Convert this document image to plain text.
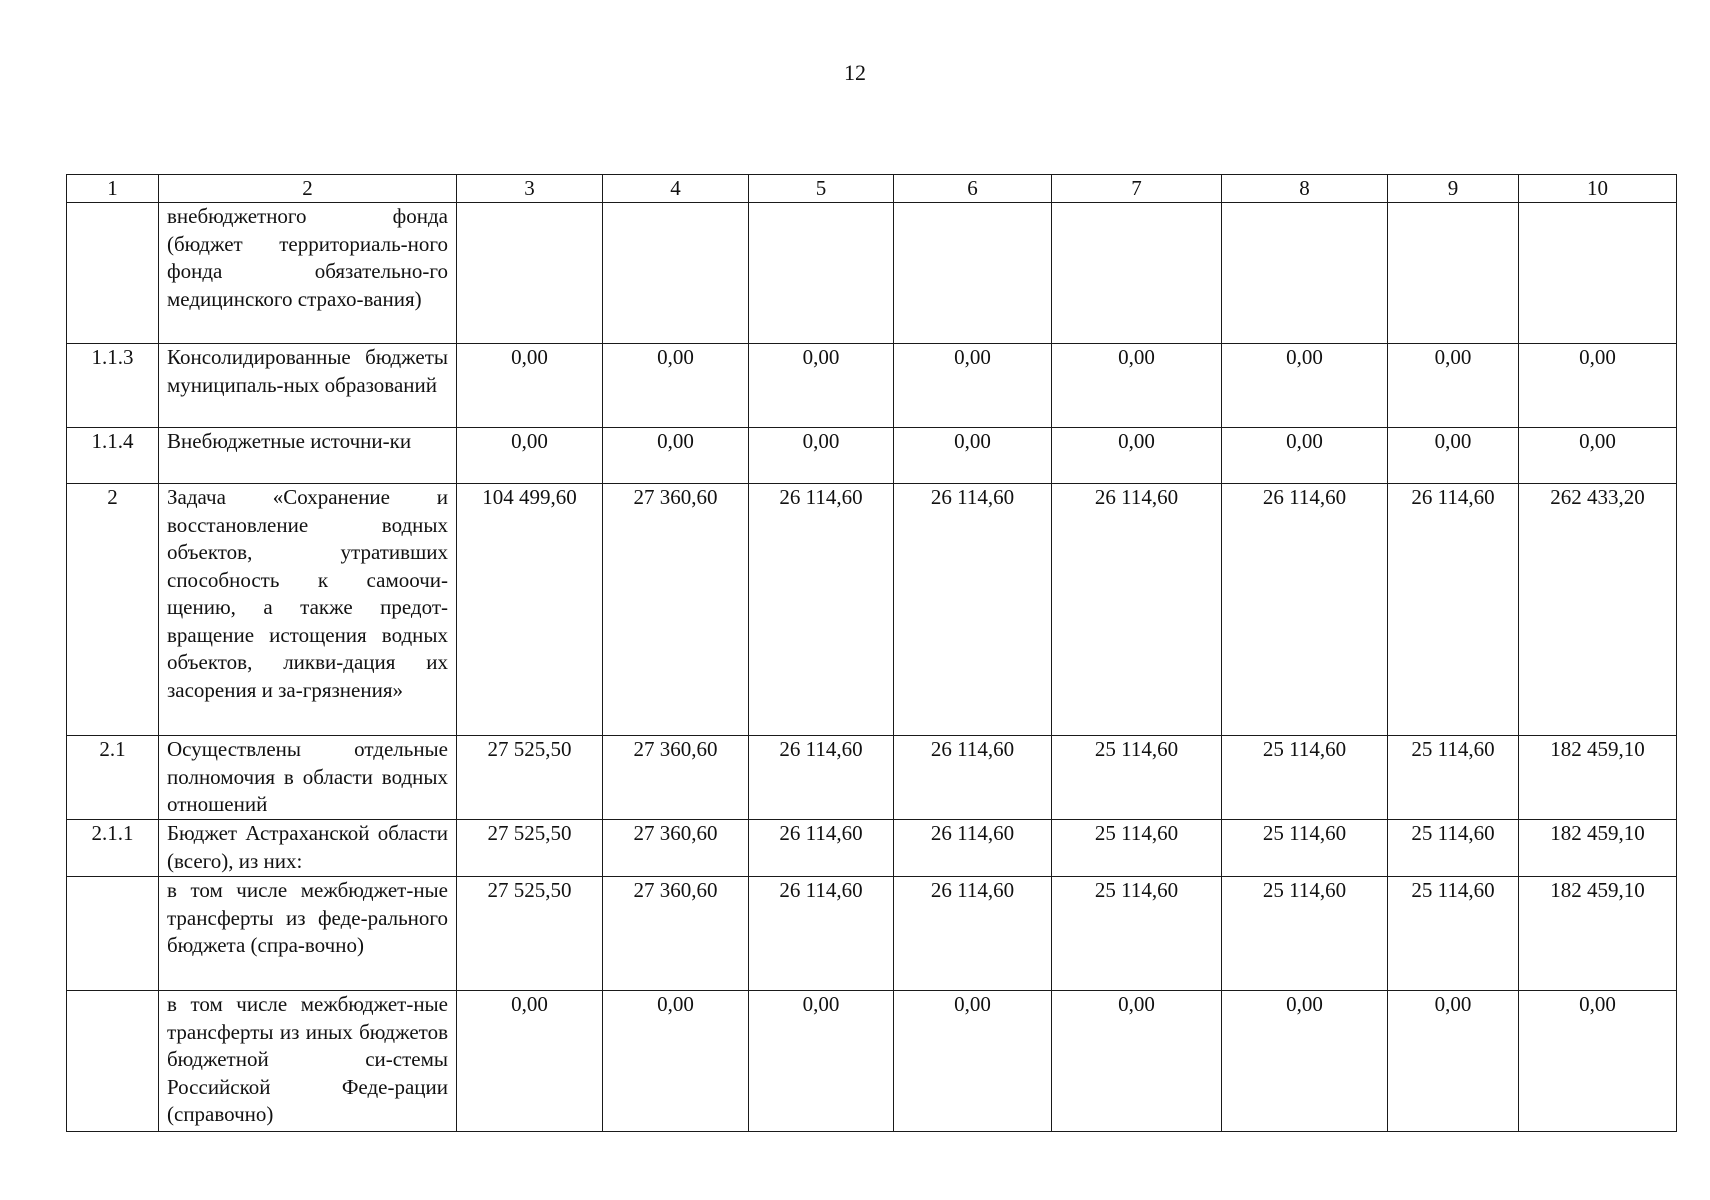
12
1	2	3	4	5	6	7	8	9	10
	внебюджетного фонда (бюджет территориаль-ного фонда обязательно-го медицинского страхо-вания)								
1.1.3	Консолидированные бюджеты муниципаль-ных образований	0,00	0,00	0,00	0,00	0,00	0,00	0,00	0,00
1.1.4	Внебюджетные источни-ки	0,00	0,00	0,00	0,00	0,00	0,00	0,00	0,00
2	Задача «Сохранение и восстановление водных объектов, утративших способность к самоочи-щению, а также предот-вращение истощения водных объектов, ликви-дация их засорения и за-грязнения»	104 499,60	27 360,60	26 114,60	26 114,60	26 114,60	26 114,60	26 114,60	262 433,20
2.1	Осуществлены отдельные полномочия в области водных отношений	27 525,50	27 360,60	26 114,60	26 114,60	25 114,60	25 114,60	25 114,60	182 459,10
2.1.1	Бюджет Астраханской области (всего), из них:	27 525,50	27 360,60	26 114,60	26 114,60	25 114,60	25 114,60	25 114,60	182 459,10
	в том числе межбюджет-ные трансферты из феде-рального бюджета (спра-вочно)	27 525,50	27 360,60	26 114,60	26 114,60	25 114,60	25 114,60	25 114,60	182 459,10
	в том числе межбюджет-ные трансферты из иных бюджетов бюджетной си-стемы Российской Феде-рации (справочно)	0,00	0,00	0,00	0,00	0,00	0,00	0,00	0,00
